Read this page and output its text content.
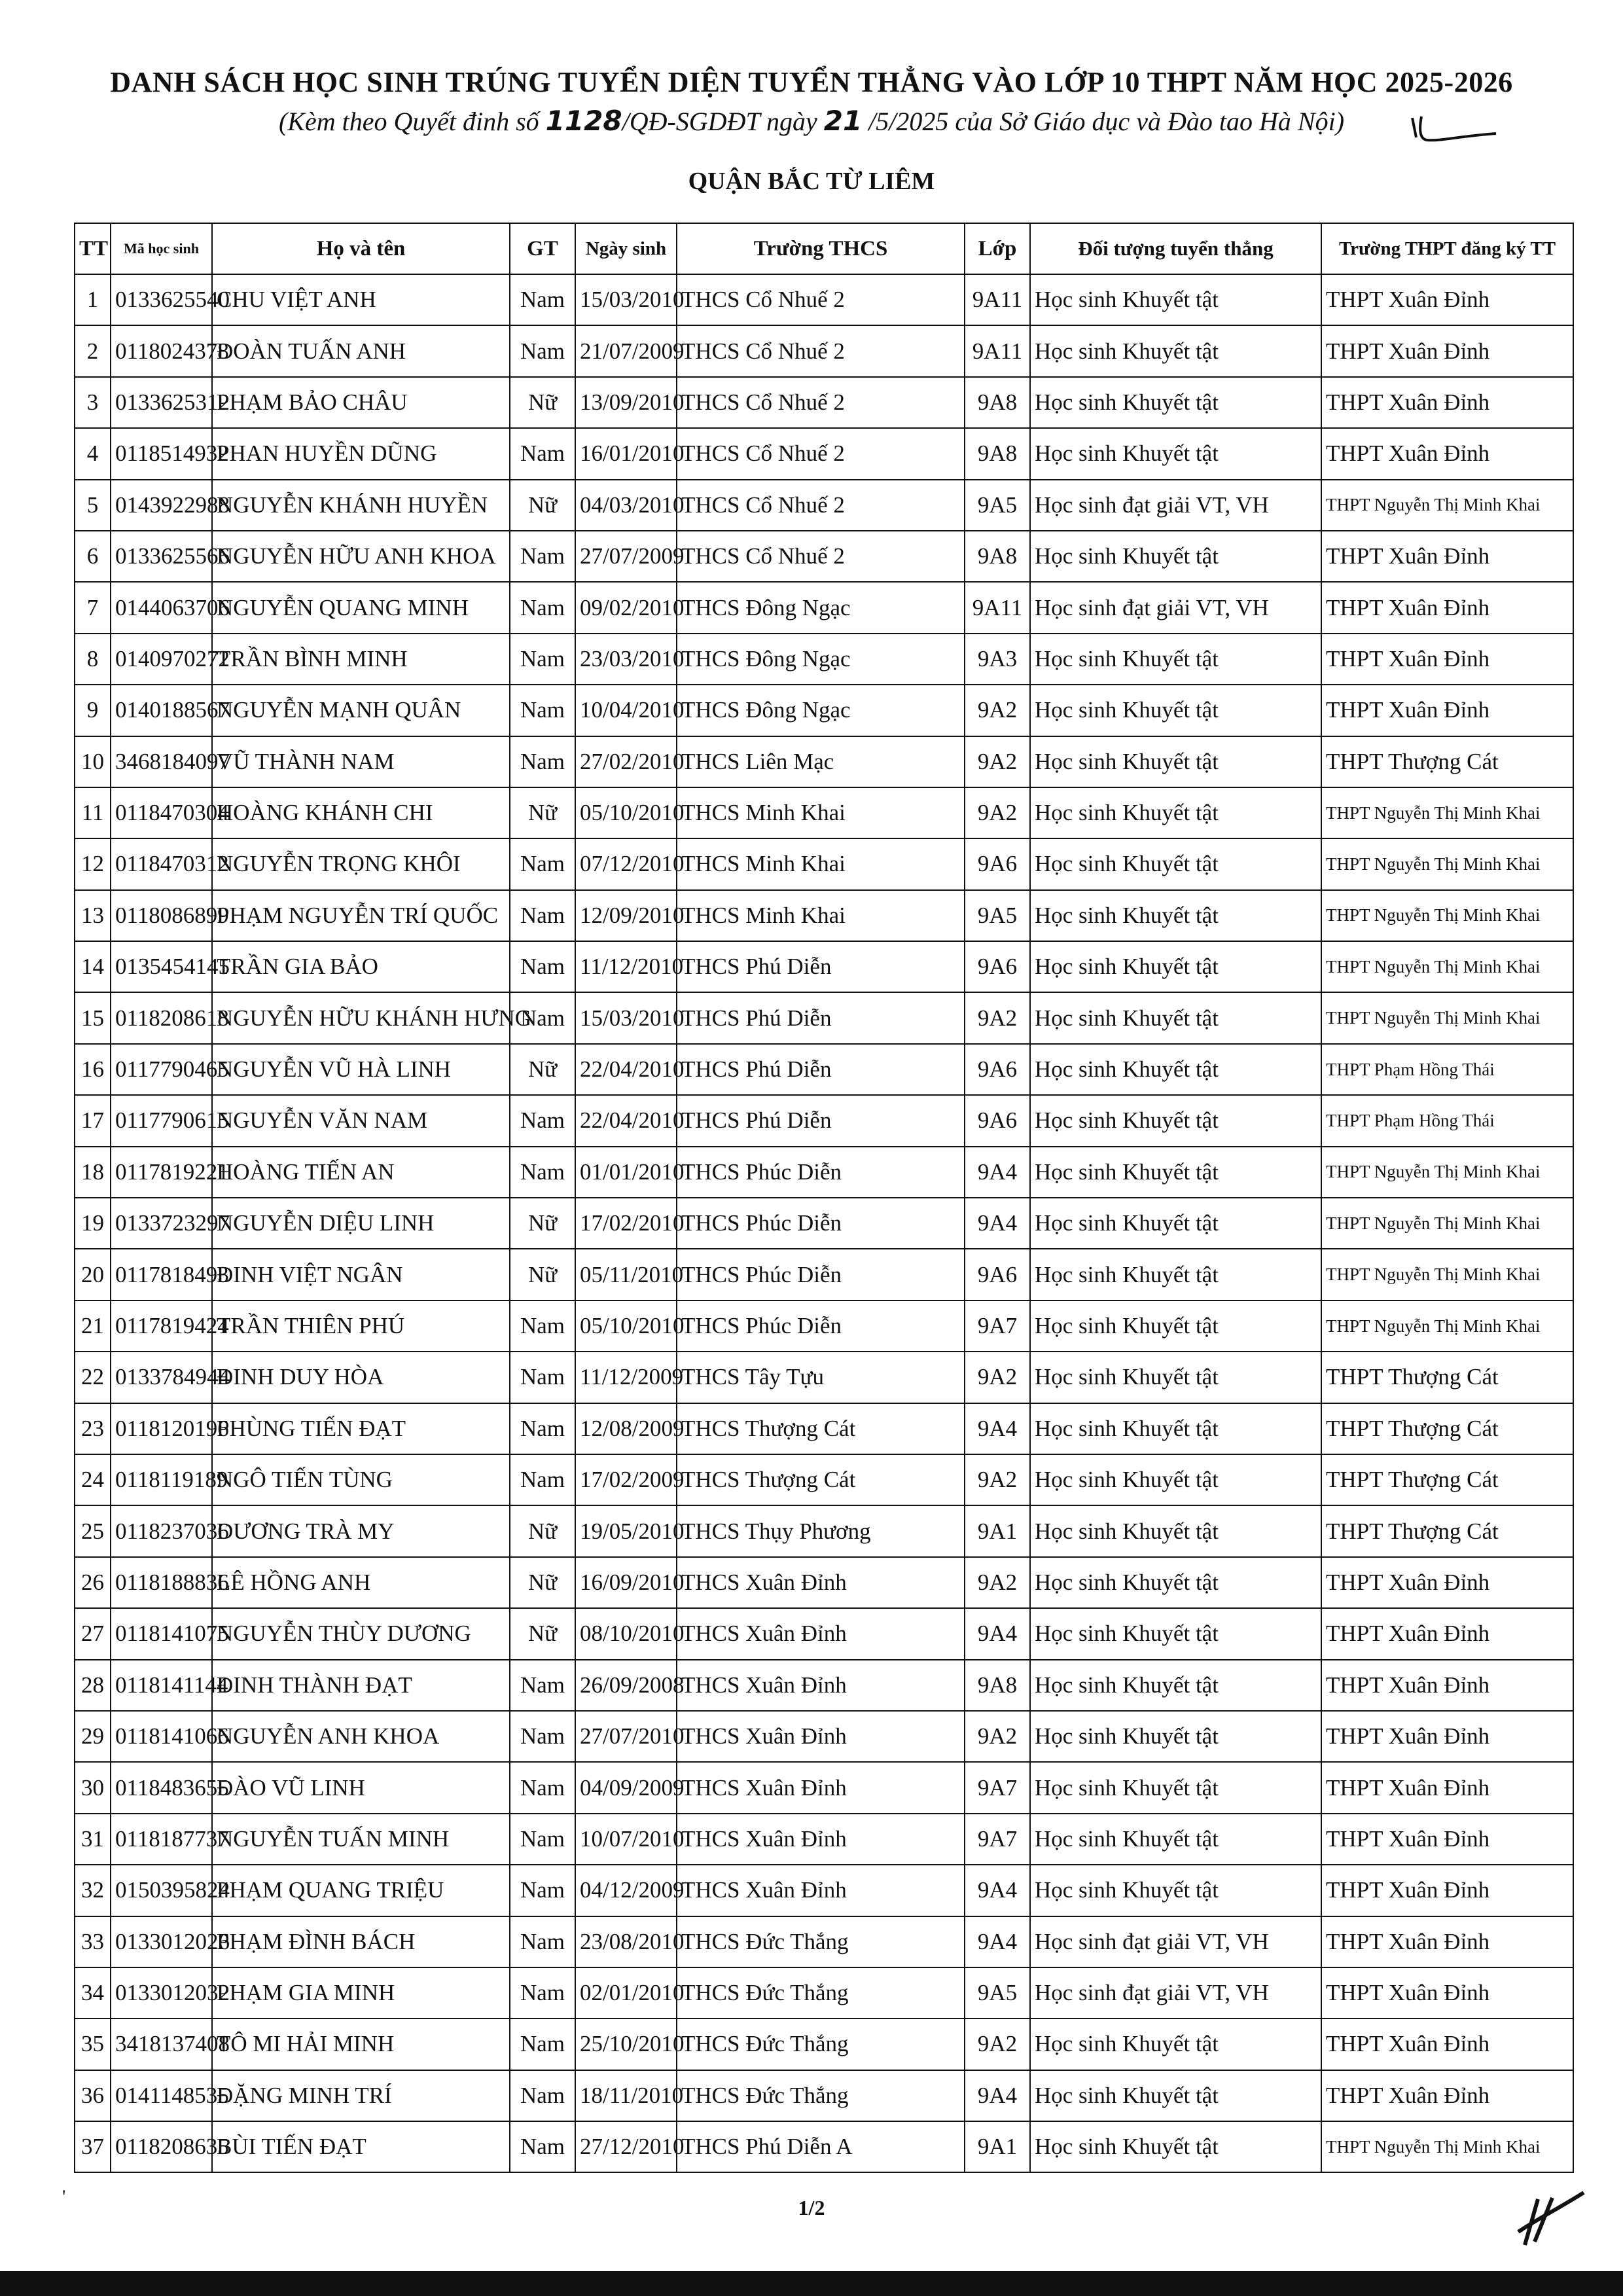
DANH SÁCH HỌC SINH TRÚNG TUYỂN DIỆN TUYỂN THẲNG VÀO LỚP 10 THPT NĂM HỌC 2025-2026
(Kèm theo Quyết đinh số 1128/QĐ-SGDĐT ngày 21 /5/2025 của Sở Giáo dục và Đào tao Hà Nội)
QUẬN BẮC TỪ LIÊM
TT	Mã học sinh	Họ và tên	GT	Ngày sinh	Trường THCS	Lớp	Đối tượng tuyển thẳng	Trường THPT đăng ký TT
1	0133625540	CHU VIỆT ANH	Nam	15/03/2010	THCS Cổ Nhuế 2	9A11	Học sinh Khuyết tật	THPT Xuân Đỉnh
2	0118024378	ĐOÀN TUẤN ANH	Nam	21/07/2009	THCS Cổ Nhuế 2	9A11	Học sinh Khuyết tật	THPT Xuân Đỉnh
3	0133625312	PHẠM BẢO CHÂU	Nữ	13/09/2010	THCS Cổ Nhuế 2	9A8	Học sinh Khuyết tật	THPT Xuân Đỉnh
4	0118514932	PHAN HUYỀN DŨNG	Nam	16/01/2010	THCS Cổ Nhuế 2	9A8	Học sinh Khuyết tật	THPT Xuân Đỉnh
5	0143922988	NGUYỄN KHÁNH HUYỀN	Nữ	04/03/2010	THCS Cổ Nhuế 2	9A5	Học sinh đạt giải VT, VH	THPT Nguyễn Thị Minh Khai
6	0133625566	NGUYỄN HỮU ANH KHOA	Nam	27/07/2009	THCS Cổ Nhuế 2	9A8	Học sinh Khuyết tật	THPT Xuân Đỉnh
7	0144063706	NGUYỄN QUANG MINH	Nam	09/02/2010	THCS Đông Ngạc	9A11	Học sinh đạt giải VT, VH	THPT Xuân Đỉnh
8	0140970272	TRẦN BÌNH MINH	Nam	23/03/2010	THCS Đông Ngạc	9A3	Học sinh Khuyết tật	THPT Xuân Đỉnh
9	0140188567	NGUYỄN MẠNH QUÂN	Nam	10/04/2010	THCS Đông Ngạc	9A2	Học sinh Khuyết tật	THPT Xuân Đỉnh
10	3468184097	VŨ THÀNH NAM	Nam	27/02/2010	THCS Liên Mạc	9A2	Học sinh Khuyết tật	THPT Thượng Cát
11	0118470304	HOÀNG KHÁNH CHI	Nữ	05/10/2010	THCS Minh Khai	9A2	Học sinh Khuyết tật	THPT Nguyễn Thị Minh Khai
12	0118470312	NGUYỄN TRỌNG KHÔI	Nam	07/12/2010	THCS Minh Khai	9A6	Học sinh Khuyết tật	THPT Nguyễn Thị Minh Khai
13	0118086899	PHẠM NGUYỄN TRÍ QUỐC	Nam	12/09/2010	THCS Minh Khai	9A5	Học sinh Khuyết tật	THPT Nguyễn Thị Minh Khai
14	0135454145	TRẦN GIA BẢO	Nam	11/12/2010	THCS Phú Diễn	9A6	Học sinh Khuyết tật	THPT Nguyễn Thị Minh Khai
15	0118208618	NGUYỄN HỮU KHÁNH HƯNG	Nam	15/03/2010	THCS Phú Diễn	9A2	Học sinh Khuyết tật	THPT Nguyễn Thị Minh Khai
16	0117790465	NGUYỄN VŨ HÀ LINH	Nữ	22/04/2010	THCS Phú Diễn	9A6	Học sinh Khuyết tật	THPT Phạm Hồng Thái
17	0117790615	NGUYỄN VĂN NAM	Nam	22/04/2010	THCS Phú Diễn	9A6	Học sinh Khuyết tật	THPT Phạm Hồng Thái
18	0117819221	HOÀNG TIẾN AN	Nam	01/01/2010	THCS Phúc Diễn	9A4	Học sinh Khuyết tật	THPT Nguyễn Thị Minh Khai
19	0133723297	NGUYỄN DIỆU LINH	Nữ	17/02/2010	THCS Phúc Diễn	9A4	Học sinh Khuyết tật	THPT Nguyễn Thị Minh Khai
20	0117818493	ĐINH VIỆT NGÂN	Nữ	05/11/2010	THCS Phúc Diễn	9A6	Học sinh Khuyết tật	THPT Nguyễn Thị Minh Khai
21	0117819424	TRẦN THIÊN PHÚ	Nam	05/10/2010	THCS Phúc Diễn	9A7	Học sinh Khuyết tật	THPT Nguyễn Thị Minh Khai
22	0133784944	ĐINH DUY HÒA	Nam	11/12/2009	THCS Tây Tựu	9A2	Học sinh Khuyết tật	THPT Thượng Cát
23	0118120196	PHÙNG TIẾN ĐẠT	Nam	12/08/2009	THCS Thượng Cát	9A4	Học sinh Khuyết tật	THPT Thượng Cát
24	0118119189	NGÔ TIẾN TÙNG	Nam	17/02/2009	THCS Thượng Cát	9A2	Học sinh Khuyết tật	THPT Thượng Cát
25	0118237036	DƯƠNG TRÀ MY	Nữ	19/05/2010	THCS Thụy Phương	9A1	Học sinh Khuyết tật	THPT Thượng Cát
26	0118188836	LÊ HỒNG ANH	Nữ	16/09/2010	THCS Xuân Đỉnh	9A2	Học sinh Khuyết tật	THPT Xuân Đỉnh
27	0118141075	NGUYỄN THÙY DƯƠNG	Nữ	08/10/2010	THCS Xuân Đỉnh	9A4	Học sinh Khuyết tật	THPT Xuân Đỉnh
28	0118141144	ĐINH THÀNH ĐẠT	Nam	26/09/2008	THCS Xuân Đỉnh	9A8	Học sinh Khuyết tật	THPT Xuân Đỉnh
29	0118141066	NGUYỄN ANH KHOA	Nam	27/07/2010	THCS Xuân Đỉnh	9A2	Học sinh Khuyết tật	THPT Xuân Đỉnh
30	0118483655	ĐÀO VŨ LINH	Nam	04/09/2009	THCS Xuân Đỉnh	9A7	Học sinh Khuyết tật	THPT Xuân Đỉnh
31	0118187737	NGUYỄN TUẤN MINH	Nam	10/07/2010	THCS Xuân Đỉnh	9A7	Học sinh Khuyết tật	THPT Xuân Đỉnh
32	0150395824	PHẠM QUANG TRIỆU	Nam	04/12/2009	THCS Xuân Đỉnh	9A4	Học sinh Khuyết tật	THPT Xuân Đỉnh
33	0133012026	PHẠM ĐÌNH BÁCH	Nam	23/08/2010	THCS Đức Thắng	9A4	Học sinh đạt giải VT, VH	THPT Xuân Đỉnh
34	0133012032	PHẠM GIA MINH	Nam	02/01/2010	THCS Đức Thắng	9A5	Học sinh đạt giải VT, VH	THPT Xuân Đỉnh
35	3418137408	TÔ MI HẢI MINH	Nam	25/10/2010	THCS Đức Thắng	9A2	Học sinh Khuyết tật	THPT Xuân Đỉnh
36	0141148535	ĐẶNG MINH TRÍ	Nam	18/11/2010	THCS Đức Thắng	9A4	Học sinh Khuyết tật	THPT Xuân Đỉnh
37	0118208635	BÙI TIẾN ĐẠT	Nam	27/12/2010	THCS Phú Diễn A	9A1	Học sinh Khuyết tật	THPT Nguyễn Thị Minh Khai
'	1/2
